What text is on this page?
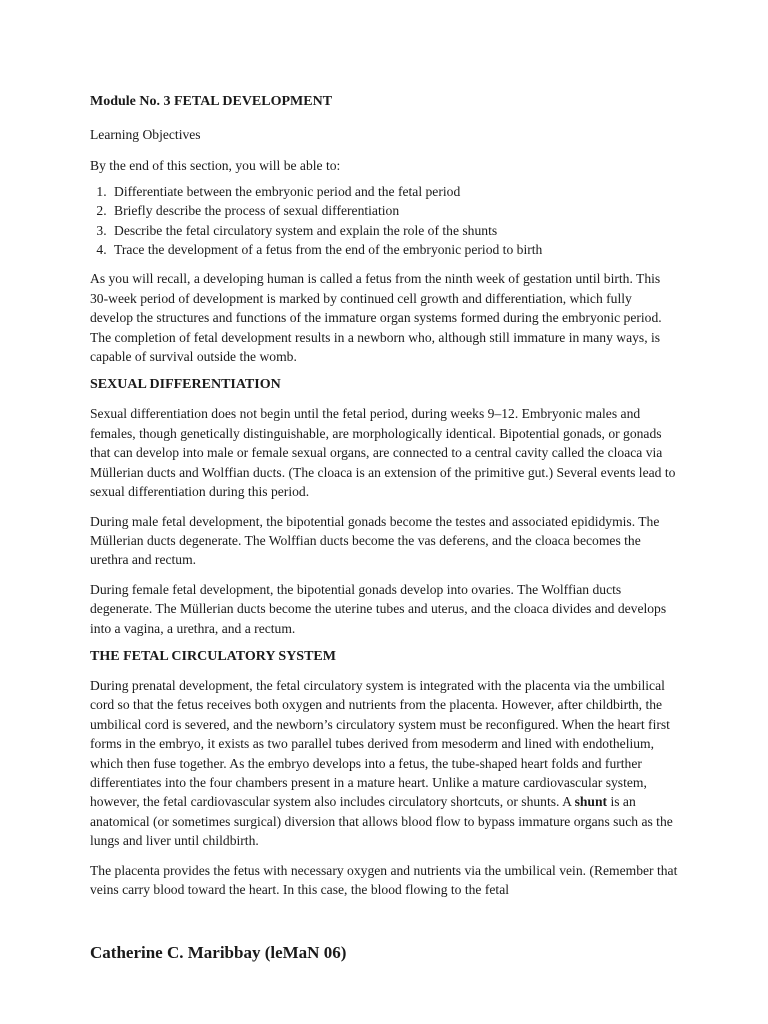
Module No. 3 FETAL DEVELOPMENT
Learning Objectives
By the end of this section, you will be able to:
1. Differentiate between the embryonic period and the fetal period
2. Briefly describe the process of sexual differentiation
3. Describe the fetal circulatory system and explain the role of the shunts
4. Trace the development of a fetus from the end of the embryonic period to birth
As you will recall, a developing human is called a fetus from the ninth week of gestation until birth. This 30-week period of development is marked by continued cell growth and differentiation, which fully develop the structures and functions of the immature organ systems formed during the embryonic period. The completion of fetal development results in a newborn who, although still immature in many ways, is capable of survival outside the womb.
SEXUAL DIFFERENTIATION
Sexual differentiation does not begin until the fetal period, during weeks 9–12. Embryonic males and females, though genetically distinguishable, are morphologically identical. Bipotential gonads, or gonads that can develop into male or female sexual organs, are connected to a central cavity called the cloaca via Müllerian ducts and Wolffian ducts. (The cloaca is an extension of the primitive gut.) Several events lead to sexual differentiation during this period.
During male fetal development, the bipotential gonads become the testes and associated epididymis. The Müllerian ducts degenerate. The Wolffian ducts become the vas deferens, and the cloaca becomes the urethra and rectum.
During female fetal development, the bipotential gonads develop into ovaries. The Wolffian ducts degenerate. The Müllerian ducts become the uterine tubes and uterus, and the cloaca divides and develops into a vagina, a urethra, and a rectum.
THE FETAL CIRCULATORY SYSTEM
During prenatal development, the fetal circulatory system is integrated with the placenta via the umbilical cord so that the fetus receives both oxygen and nutrients from the placenta. However, after childbirth, the umbilical cord is severed, and the newborn’s circulatory system must be reconfigured. When the heart first forms in the embryo, it exists as two parallel tubes derived from mesoderm and lined with endothelium, which then fuse together. As the embryo develops into a fetus, the tube-shaped heart folds and further differentiates into the four chambers present in a mature heart. Unlike a mature cardiovascular system, however, the fetal cardiovascular system also includes circulatory shortcuts, or shunts. A shunt is an anatomical (or sometimes surgical) diversion that allows blood flow to bypass immature organs such as the lungs and liver until childbirth.
The placenta provides the fetus with necessary oxygen and nutrients via the umbilical vein. (Remember that veins carry blood toward the heart. In this case, the blood flowing to the fetal
Catherine C. Maribbay (leMaN 06)
